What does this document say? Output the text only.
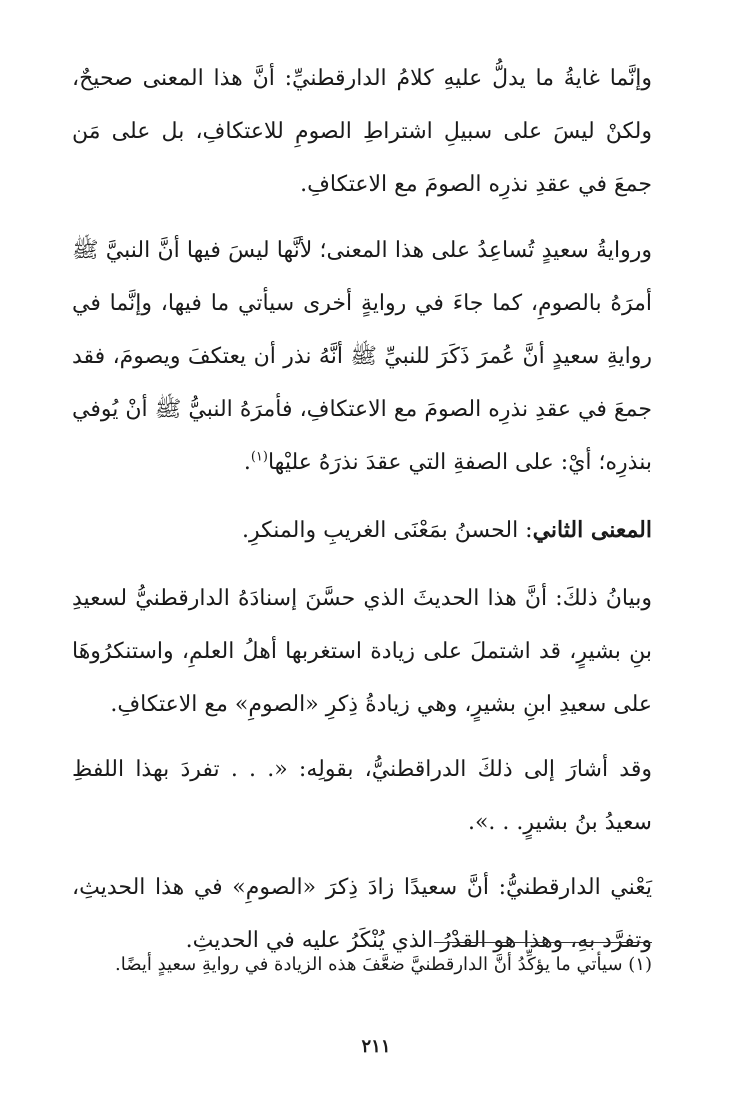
وإنَّما غايةُ ما يدلُّ عليهِ كلامُ الدارقطنيِّ: أنَّ هذا المعنى صحيحٌ، ولكنْ ليسَ على سبيلِ اشتراطِ الصومِ للاعتكافِ، بل على مَن جمعَ في عقدِ نذرِه الصومَ مع الاعتكافِ.

وروايةُ سعيدٍ تُساعِدُ على هذا المعنى؛ لأنَّها ليسَ فيها أنَّ النبيَّ ﷺ أمرَهُ بالصومِ، كما جاءَ في روايةٍ أخرى سيأتي ما فيها، وإنَّما في روايةِ سعيدٍ أنَّ عُمرَ ذَكَرَ للنبيِّ ﷺ أنَّهُ نذر أن يعتكفَ ويصومَ، فقد جمعَ في عقدِ نذرِه الصومَ مع الاعتكافِ، فأمرَهُ النبيُّ ﷺ أنْ يُوفي بنذرِه؛ أيْ: على الصفةِ التي عقدَ نذرَهُ عليْها$^{(١)}$.

المعنى الثاني: الحسنُ بمَعْنَى الغريبِ والمنكرِ.

وبيانُ ذلكَ: أنَّ هذا الحديثَ الذي حسَّنَ إسنادَهُ الدارقطنيُّ لسعيدِ بنِ بشيرٍ، قد اشتملَ على زيادة استغربها أهلُ العلمِ، واستنكرُوهَا على سعيدِ ابنِ بشيرٍ، وهي زيادةُ ذِكرِ «الصومِ» مع الاعتكافِ.

وقد أشارَ إلى ذلكَ الدراقطنيُّ، بقولِه: «. . . تفردَ بهذا اللفظِ سعيدُ بنُ بشيرٍ. . .».

يَعْني الدارقطنيُّ: أنَّ سعيدًا زادَ ذِكرَ «الصومِ» في هذا الحديثِ، وتفرَّد بهِ، وهذا هو القدْرُ الذي يُنْكَرُ عليه في الحديثِ.

(١) سيأتي ما يؤكِّدُ أنَّ الدارقطنيَّ ضعَّفَ هذه الزيادة في روايةِ سعيدٍ أيضًا.

٢١١
